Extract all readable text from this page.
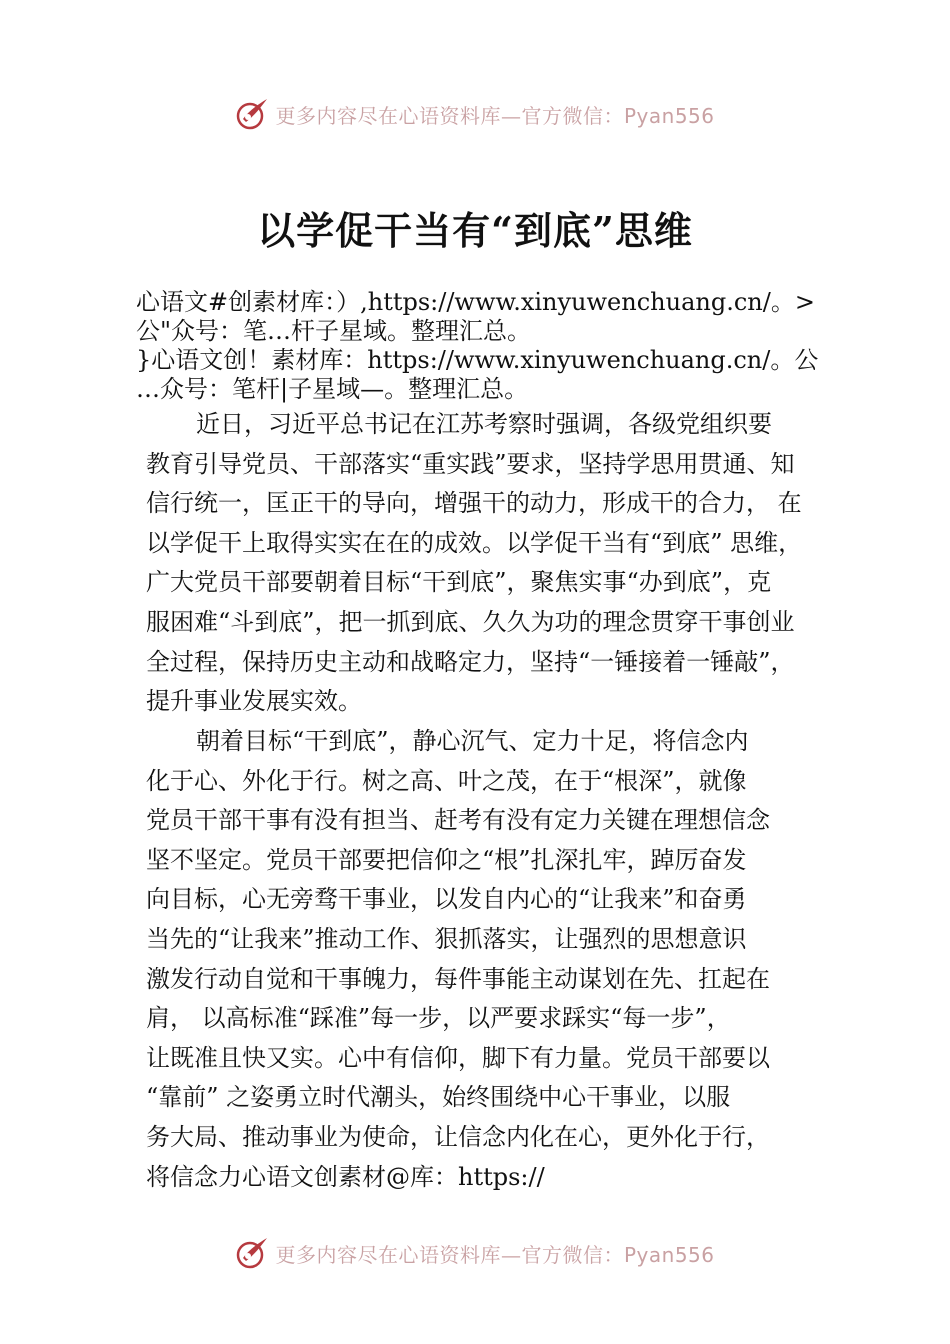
更多内容尽在心语资料库—官方微信：Pyan556
以学促干当有“到底”思维
心语文#创素材库：）,https://www.xinyuwenchuang.cn/。>
公"众号：笔…杆子星域。整理汇总。
}心语文创！素材库：https://www.xinyuwenchuang.cn/。公
…众号：笔杆|子星域—。整理汇总。
近日，习近平总书记在江苏考察时强调，各级党组织要
教育引导党员、干部落实“重实践”要求，坚持学思用贯通、知
信行统一，匡正干的导向，增强干的动力，形成干的合力， 在
以学促干上取得实实在在的成效。以学促干当有“到底” 思维，
广大党员干部要朝着目标“干到底”，聚焦实事“办到底”，克
服困难“斗到底”，把一抓到底、久久为功的理念贯穿干事创业
全过程，保持历史主动和战略定力，坚持“一锤接着一锤敲”，
提升事业发展实效。
朝着目标“干到底”，静心沉气、定力十足，将信念内
化于心、外化于行。树之高、叶之茂，在于“根深”，就像
党员干部干事有没有担当、赶考有没有定力关键在理想信念
坚不坚定。党员干部要把信仰之“根”扎深扎牢，踔厉奋发
向目标，心无旁骛干事业，以发自内心的“让我来”和奋勇
当先的“让我来”推动工作、狠抓落实，让强烈的思想意识
激发行动自觉和干事魄力，每件事能主动谋划在先、扛起在
肩， 以高标准“踩准”每一步，以严要求踩实“每一步”，
让既准且快又实。心中有信仰，脚下有力量。党员干部要以
“靠前” 之姿勇立时代潮头，始终围绕中心干事业，以服
务大局、推动事业为使命，让信念内化在心，更外化于行，
将信念力心语文创素材@库：https://
更多内容尽在心语资料库—官方微信：Pyan556
